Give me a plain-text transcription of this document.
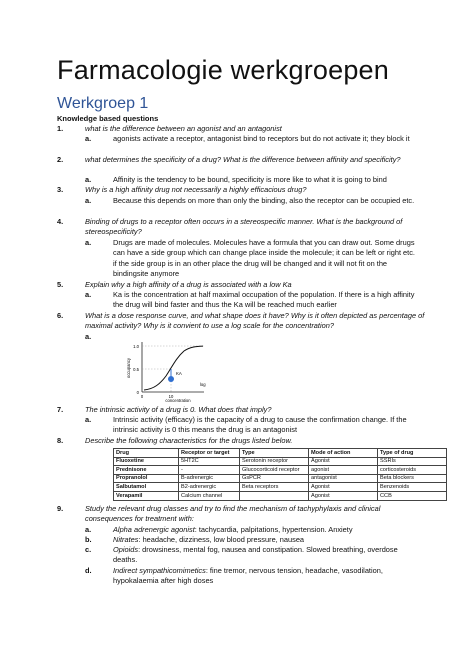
Farmacologie werkgroepen
Werkgroep 1
Knowledge based questions
1.	what is the difference between an agonist and an antagonist
a.	agonists activate a receptor, antagonist bind to receptors but do not activate it; they block it
2.	what determines the specificity of a drug? What is the difference between affinity and specificity?
a.	Affinity is the tendency to be bound, specificity is more like to what it is going to bind
3.	Why is a high affinity drug not necessarily a highly efficacious drug?
a.	Because this depends on more than only the binding, also the receptor can be occupied etc.
4.	Binding of drugs to a receptor often occurs in a stereospecific manner. What is the background of stereospecificity?
a.	Drugs are made of molecules. Molecules have a formula that you can draw out. Some drugs can have a side group which can change place inside the molecule; it can be left or right etc. if the side group is in an other place the drug will be changed and it will not fit on the bindingsite anymore
5.	Explain why a high affinity of a drug is associated with a low Ka
a.	Ka is the concentration at half maximal occupation of the population. If there is a high affinity the drug will bind faster and thus the Ka will be reached much earlier
6.	What is a dose response curve, and what shape does it have? Why is it often depicted as percentage of maximal activity? Why is it convient to use a log scale for the concentration?
a.
1.0
0.5
0
0	10
occupancy
concentration
log
KA
7.	The intrinsic activity of a drug is 0. What does that imply?
a.	Intrinsic activity (efficacy) is the capacity of a drug to cause the confirmation change. If the intrinsic activity is 0 this means the drug is an antagonist
8.	Describe the following characteristics for the drugs listed below.
Drug	Receptor or target	Type	Mode of action	Type of drug
Fluoxetine	5HT2C	Serotonin receptor	Agonist	SSRIs
Prednisone	-	Glucocorticoid receptor	agonist	corticosteroids
Propranolol	B-adrenergic	GsPCR	antagonist	Beta blockers
Salbutamol	B2-adrenergic	Beta receptors	Agonist	Benzenoids
Verapamil	Calcium channel		Agonist	CCB
9.	Study the relevant drug classes and try to find the mechanism of tachyphylaxis and clinical consequences for treatment with:
a.	Alpha adrenergic agonist: tachycardia, palpitations, hypertension. Anxiety
b.	Nitrates: headache, dizziness, low blood pressure, nausea
c.	Opioids: drowsiness, mental fog, nausea and constipation. Slowed breathing, overdose deaths.
d.	Indirect sympathicomimetics: fine tremor, nervous tension, headache, vasodilation, hypokalaemia after high doses
